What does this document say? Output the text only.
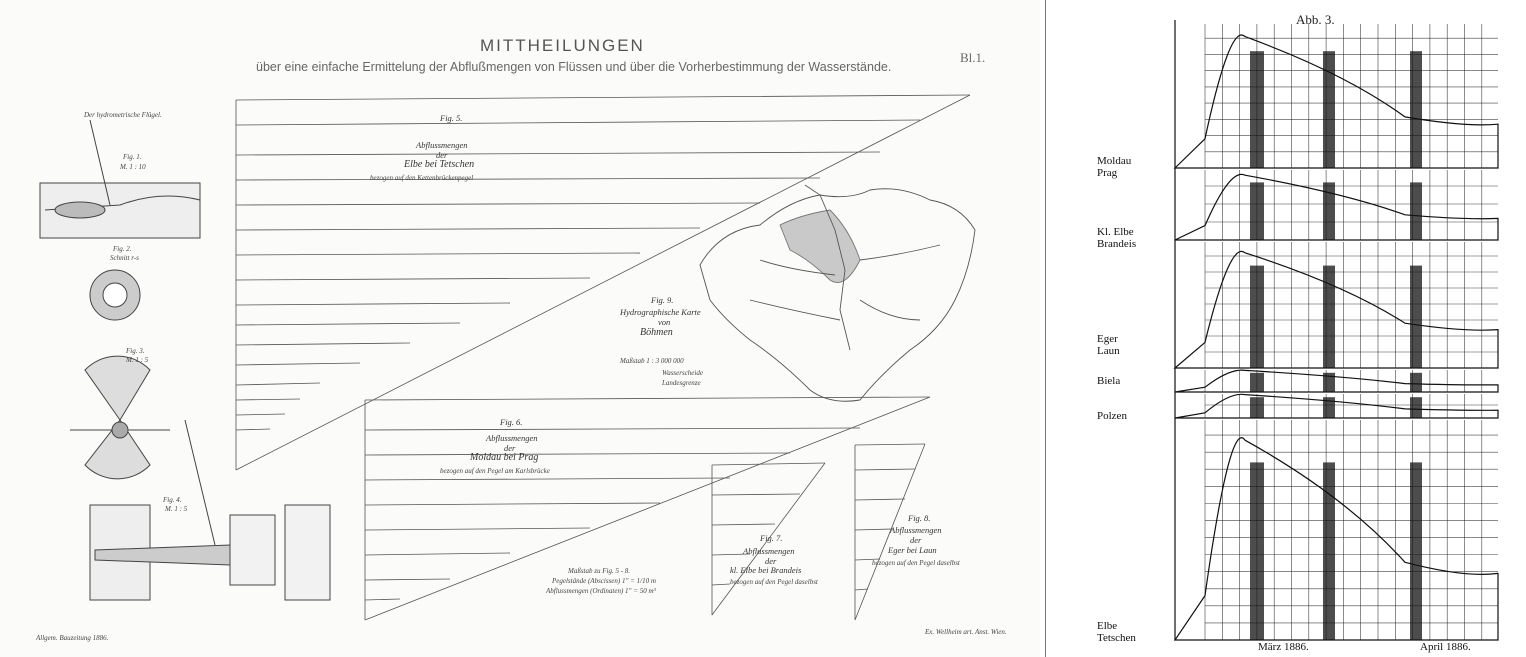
MITTHEILUNGEN
über eine einfache Ermittelung der Abflußmengen von Flüssen und über die Vorherbestimmung der Wasserstände.
Bl.1.
Der hydrometrische Flügel.
Fig. 1.
M. 1 : 10
Fig. 2.
Schnitt r-s
Fig. 3.
M. 1 : 5
Fig. 4.
M. 1 : 5
Fig. 5.
Abflussmengen
der
Elbe bei Tetschen
bezogen auf den Kettenbrückenpegel
Fig. 6.
Abflussmengen
der
Moldau bei Prag
bezogen auf den Pegel am Karlsbrücke
Fig. 7.
Abflussmengen
der
kl. Elbe bei Brandeis
bezogen auf den Pegel daselbst
Fig. 8.
Abflussmengen
der
Eger bei Laun
bezogen auf den Pegel daselbst
Fig. 9.
Hydrographische Karte
von
Böhmen
Maßstab 1 : 3 000 000
Wasserscheide
Landesgrenze
Maßstab zu Fig. 5 - 8.
Pegelstände (Abscissen) 1" = 1/10 m
Abflussmengen (Ordinaten) 1" = 50 m³
Allgem. Bauzeitung 1886.
Ex. Wellheim art. Anst. Wien.
Abb. 3.
Moldau
Prag
Kl. Elbe
Brandeis
Eger
Laun
Biela
Polzen
Elbe
Tetschen
März 1886.	April 1886.
